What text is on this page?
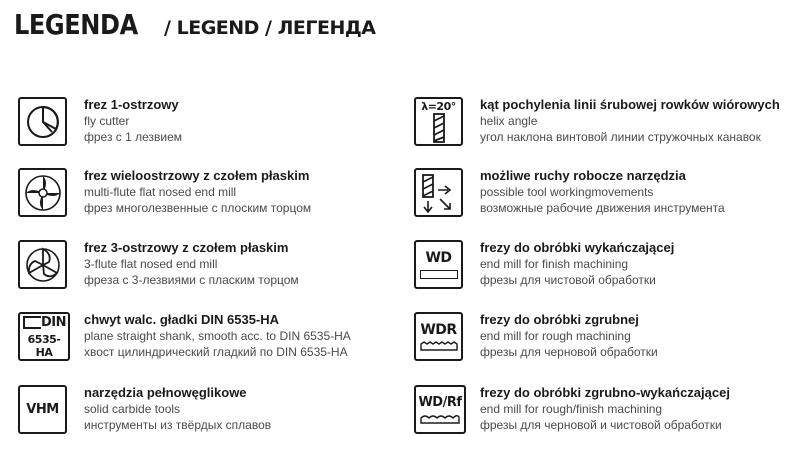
LEGENDA / LEGEND / ЛЕГЕНДА
frez 1-ostrzowy
fly cutter
фрез с 1 лезвием
frez wieloostrzowy z czołem płaskim
multi-flute flat nosed end mill
фрез многолезвенные с плоским торцом
frez 3-ostrzowy z czołem płaskim
3-flute flat nosed end mill
фреза с 3-лезвиями с пласким торцом
DIN
6535-HA
chwyt walc. gładki DIN 6535-HA
plane straight shank, smooth acc. to DIN 6535-HA
хвост цилиндрический гладкий по DIN 6535-HA
VHM
narzędzia pełnowęglikowe
solid carbide tools
инструменты из твёрдых сплавов
λ=20° kąt pochylenia linii śrubowej rowków wiórowych
helix angle
угол наклона винтовой линии стружочных канавок
możliwe ruchy robocze narzędzia
possible tool workingmovements
возможные рабочие движения инструмента
WD
frezy do obróbki wykańczającej
end mill for finish machining
фрезы для чистовой обработки
WDR
frezy do obróbki zgrubnej
end mill for rough machining
фрезы для черновой обработки
WD/Rf
frezy do obróbki zgrubno-wykańczającej
end mill for rough/finish machining
фрезы для черновой и чистовой обработки
